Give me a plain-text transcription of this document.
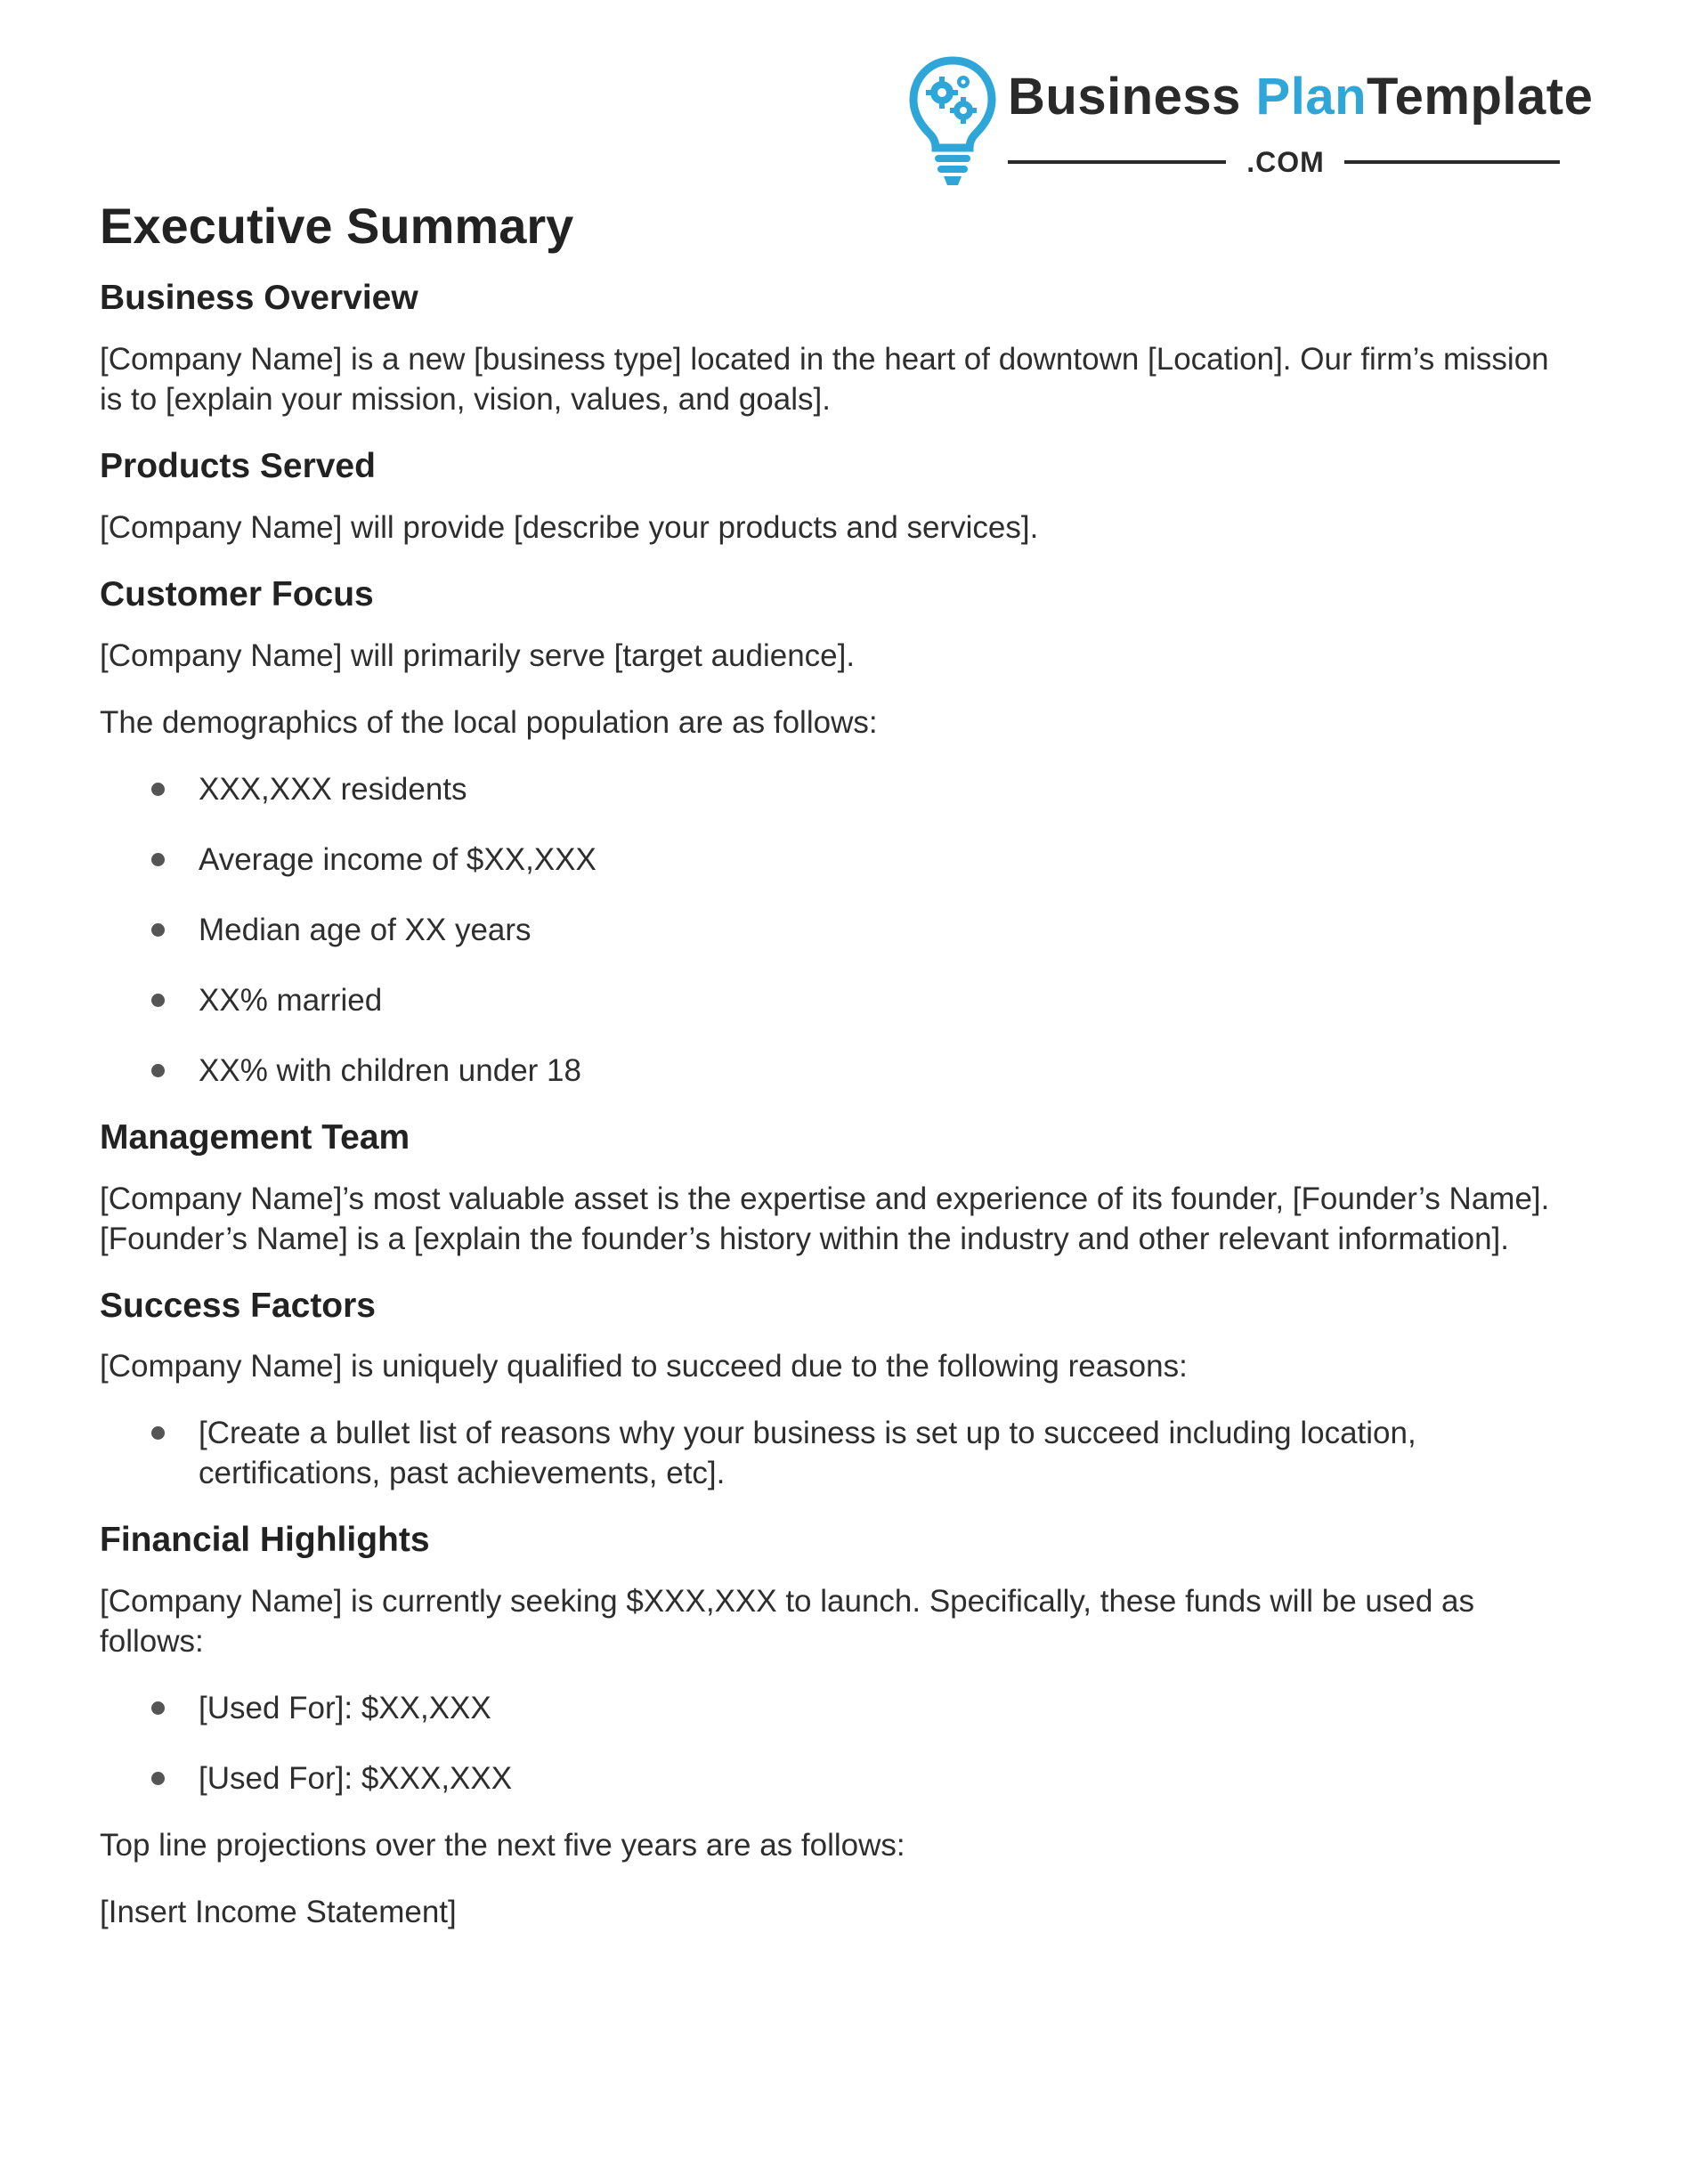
Business PlanTemplate
.COM
Executive Summary
Business Overview

[Company Name] is a new [business type] located in the heart of downtown [Location]. Our firm’s mission is to [explain your mission, vision, values, and goals].

Products Served

[Company Name] will provide [describe your products and services].

Customer Focus

[Company Name] will primarily serve [target audience].

The demographics of the local population are as follows:

XXX,XXX residents
Average income of $XX,XXX
Median age of XX years
XX% married
XX% with children under 18
Management Team

[Company Name]’s most valuable asset is the expertise and experience of its founder, [Founder’s Name]. [Founder’s Name] is a [explain the founder’s history within the industry and other relevant information].

Success Factors

[Company Name] is uniquely qualified to succeed due to the following reasons:

[Create a bullet list of reasons why your business is set up to succeed including location, certifications, past achievements, etc].
Financial Highlights

[Company Name] is currently seeking $XXX,XXX to launch. Specifically, these funds will be used as follows:

[Used For]: $XX,XXX
[Used For]: $XXX,XXX

Top line projections over the next five years are as follows:

[Insert Income Statement]
